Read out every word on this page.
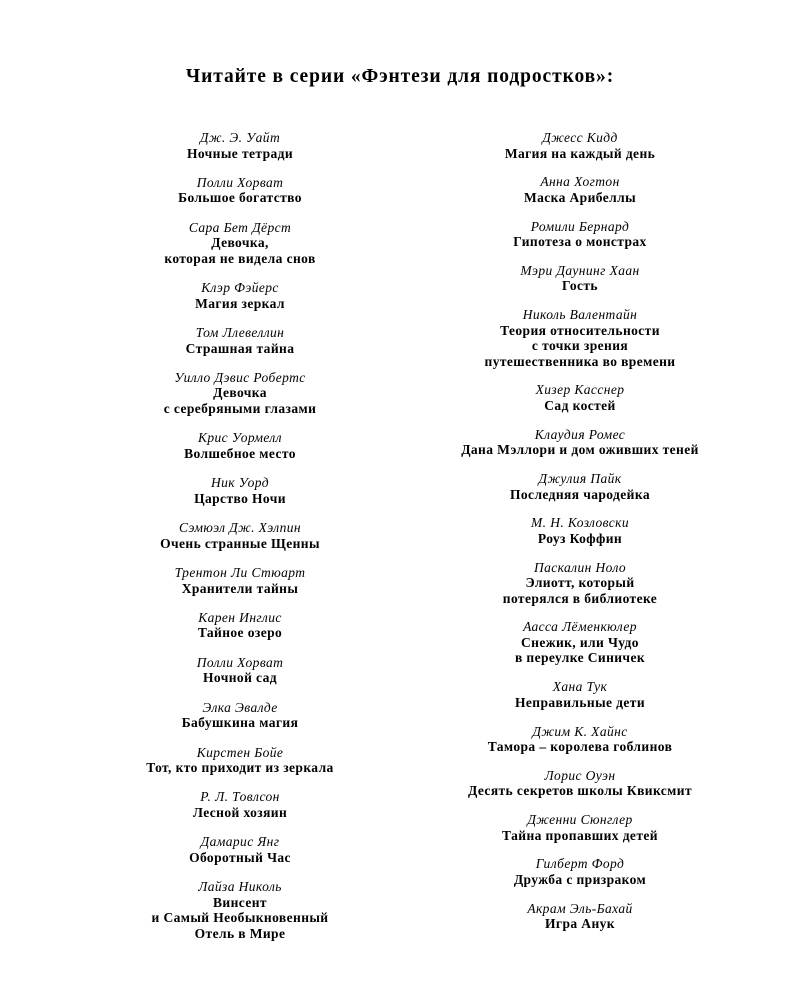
Читайте в серии «Фэнтези для подростков»:
Дж. Э. Уайт
Ночные тетради
Полли Хорват
Большое богатство
Сара Бет Дёрст
Девочка,
которая не видела снов
Клэр Фэйерс
Магия зеркал
Том Ллевеллин
Страшная тайна
Уилло Дэвис Робертс
Девочка
с серебряными глазами
Крис Уормелл
Волшебное место
Ник Уорд
Царство Ночи
Сэмюэл Дж. Хэлпин
Очень странные Щенны
Трентон Ли Стюарт
Хранители тайны
Карен Инглис
Тайное озеро
Полли Хорват
Ночной сад
Элка Эвалде
Бабушкина магия
Кирстен Бойе
Тот, кто приходит из зеркала
Р. Л. Товлсон
Лесной хозяин
Дамарис Янг
Оборотный Час
Лайза Николь
Винсент
и Самый Необыкновенный
Отель в Мире
Джесс Кидд
Магия на каждый день
Анна Хогтон
Маска Арибеллы
Ромили Бернард
Гипотеза о монстрах
Мэри Даунинг Хаан
Гость
Николь Валентайн
Теория относительности
с точки зрения
путешественника во времени
Хизер Касснер
Сад костей
Клаудия Ромес
Дана Мэллори и дом оживших теней
Джулия Пайк
Последняя чародейка
М. Н. Козловски
Роуз Коффин
Паскалин Ноло
Элиотт, который
потерялся в библиотеке
Аасса Лёменкюлер
Снежик, или Чудо
в переулке Синичек
Хана Тук
Неправильные дети
Джим К. Хайнс
Тамора – королева гоблинов
Лорис Оуэн
Десять секретов школы Квиксмит
Дженни Сюнглер
Тайна пропавших детей
Гилберт Форд
Дружба с призраком
Акрам Эль-Бахай
Игра Анук
